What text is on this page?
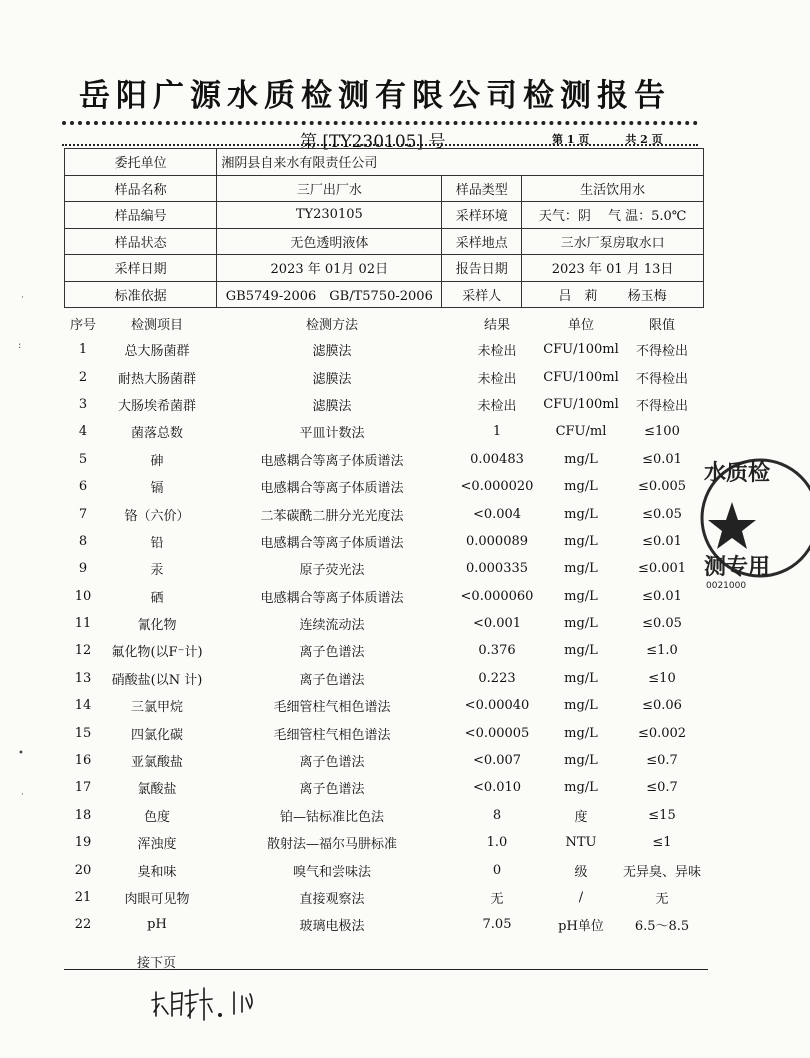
岳阳广源水质检测有限公司检测报告
第 [TY230105] 号	第 1 页	共 2 页
委托单位	湘阴县自来水有限责任公司		
样品名称	三厂出厂水	样品类型	生活饮用水
样品编号	TY230105	采样环境	天气：阴　 气 温：5.0℃
样品状态	无色透明液体	采样地点	三水厂泵房取水口
采样日期	2023 年 01月 02日	报告日期	2023 年 01 月 13日
标准依据	GB5749-2006　GB/T5750-2006	采样人	吕　莉　　 杨玉梅
序号	检测项目	检测方法	结果	单位	限值
1	总大肠菌群	滤膜法	未检出	CFU/100ml	不得检出
2	耐热大肠菌群	滤膜法	未检出	CFU/100ml	不得检出
3	大肠埃希菌群	滤膜法	未检出	CFU/100ml	不得检出
4	菌落总数	平皿计数法	1	CFU/ml	≤100
5	砷	电感耦合等离子体质谱法	0.00483	mg/L	≤0.01
6	镉	电感耦合等离子体质谱法	<0.000020	mg/L	≤0.005
7	铬（六价）	二苯碳酰二肼分光光度法	<0.004	mg/L	≤0.05
8	铅	电感耦合等离子体质谱法	0.000089	mg/L	≤0.01
9	汞	原子荧光法	0.000335	mg/L	≤0.001
10	硒	电感耦合等离子体质谱法	<0.000060	mg/L	≤0.01
11	氰化物	连续流动法	<0.001	mg/L	≤0.05
12	氟化物(以F⁻计)	离子色谱法	0.376	mg/L	≤1.0
13	硝酸盐(以N 计)	离子色谱法	0.223	mg/L	≤10
14	三氯甲烷	毛细管柱气相色谱法	<0.00040	mg/L	≤0.06
15	四氯化碳	毛细管柱气相色谱法	<0.00005	mg/L	≤0.002
16	亚氯酸盐	离子色谱法	<0.007	mg/L	≤0.7
17	氯酸盐	离子色谱法	<0.010	mg/L	≤0.7
18	色度	铂—钴标准比色法	8	度	≤15
19	浑浊度	散射法—福尔马肼标准	1.0	NTU	≤1
20	臭和味	嗅气和尝味法	0	级	无异臭、异味
21	肉眼可见物	直接观察法	无	/	无
22	pH	玻璃电极法	7.05	pH单位	6.5～8.5
接下页
水质检
测专用
0021000
˙
:
•
˙
